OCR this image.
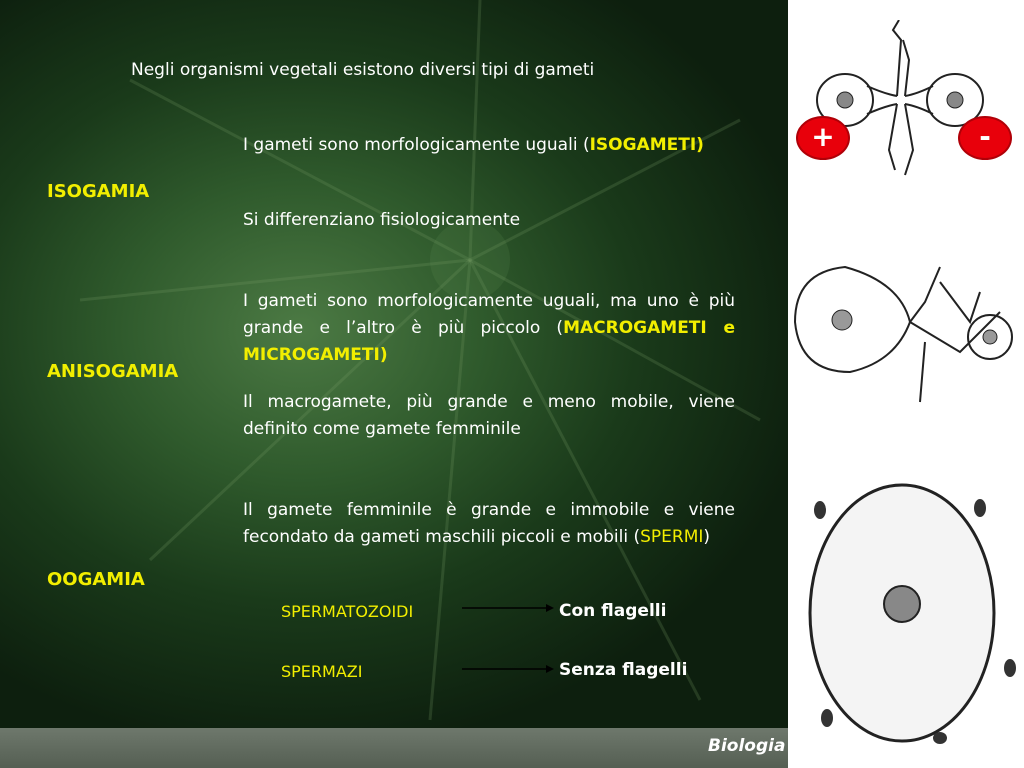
Negli organismi vegetali esistono diversi tipi di gameti
ISOGAMIA
I gameti sono morfologicamente uguali (ISOGAMETI)
Si differenziano fisiologicamente
ANISOGAMIA
I gameti sono morfologicamente uguali, ma uno è più grande e l’altro è più piccolo (MACROGAMETI e MICROGAMETI)
Il macrogamete, più grande e meno mobile, viene definito come gamete femminile
OOGAMIA
Il gamete femminile è grande e immobile e viene fecondato da gameti maschili piccoli e mobili (SPERMI)
SPERMATOZOIDI	Con flagelli
SPERMAZI	Senza flagelli
Biologia
+	-
